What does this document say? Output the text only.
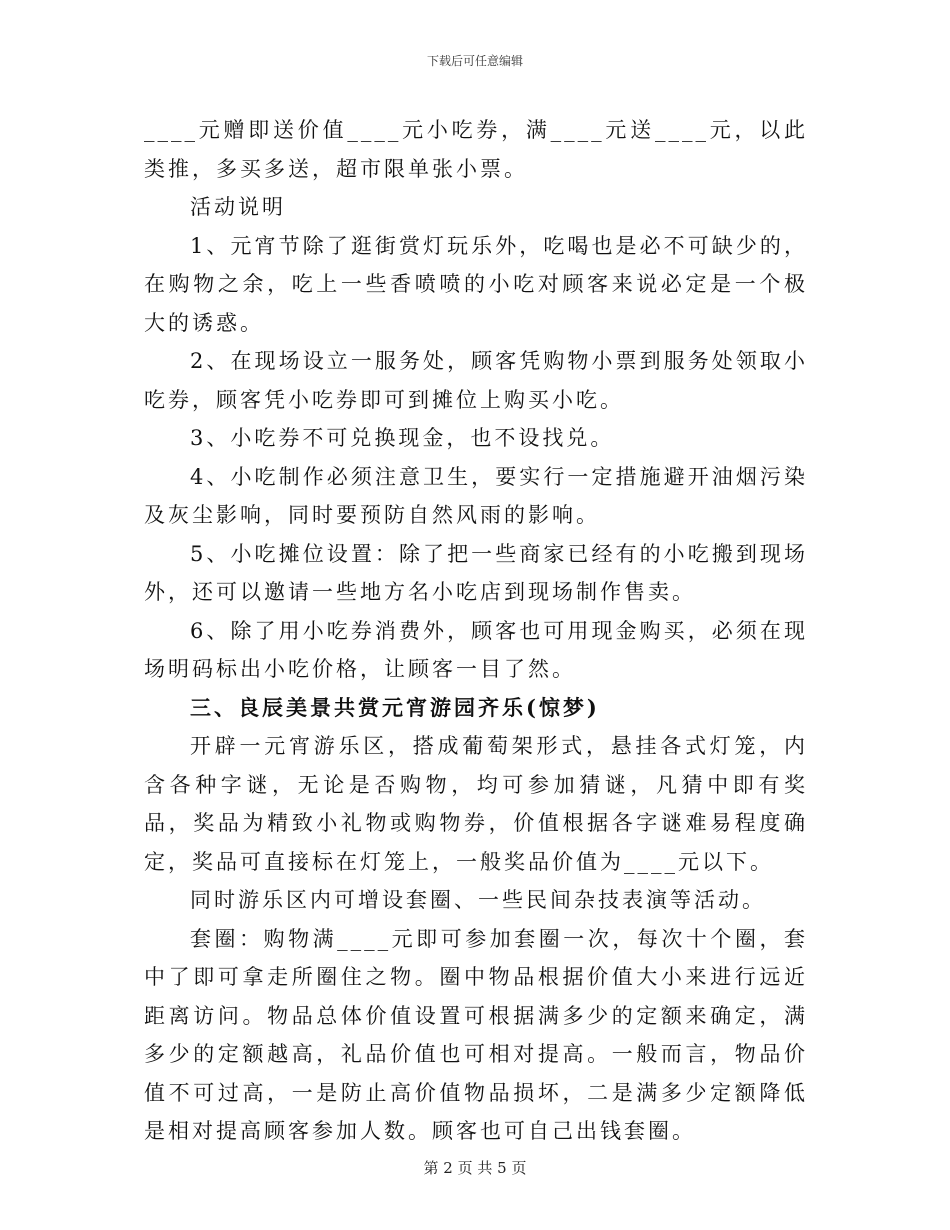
下载后可任意编辑

____元赠即送价值____元小吃券，满____元送____元，以此类推，多买多送，超市限单张小票。

活动说明

1、元宵节除了逛街赏灯玩乐外，吃喝也是必不可缺少的，在购物之余，吃上一些香喷喷的小吃对顾客来说必定是一个极大的诱惑。

2、在现场设立一服务处，顾客凭购物小票到服务处领取小吃券，顾客凭小吃券即可到摊位上购买小吃。

3、小吃券不可兑换现金，也不设找兑。

4、小吃制作必须注意卫生，要实行一定措施避开油烟污染及灰尘影响，同时要预防自然风雨的影响。

5、小吃摊位设置：除了把一些商家已经有的小吃搬到现场外，还可以邀请一些地方名小吃店到现场制作售卖。

6、除了用小吃券消费外，顾客也可用现金购买，必须在现场明码标出小吃价格，让顾客一目了然。

三、良辰美景共赏元宵游园齐乐(惊梦)

开辟一元宵游乐区，搭成葡萄架形式，悬挂各式灯笼，内含各种字谜，无论是否购物，均可参加猜谜，凡猜中即有奖品，奖品为精致小礼物或购物券，价值根据各字谜难易程度确定，奖品可直接标在灯笼上，一般奖品价值为____元以下。

同时游乐区内可增设套圈、一些民间杂技表演等活动。

套圈：购物满____元即可参加套圈一次，每次十个圈，套中了即可拿走所圈住之物。圈中物品根据价值大小来进行远近距离访问。物品总体价值设置可根据满多少的定额来确定，满多少的定额越高，礼品价值也可相对提高。一般而言，物品价值不可过高，一是防止高价值物品损坏，二是满多少定额降低是相对提高顾客参加人数。顾客也可自己出钱套圈。

第 2 页 共 5 页
